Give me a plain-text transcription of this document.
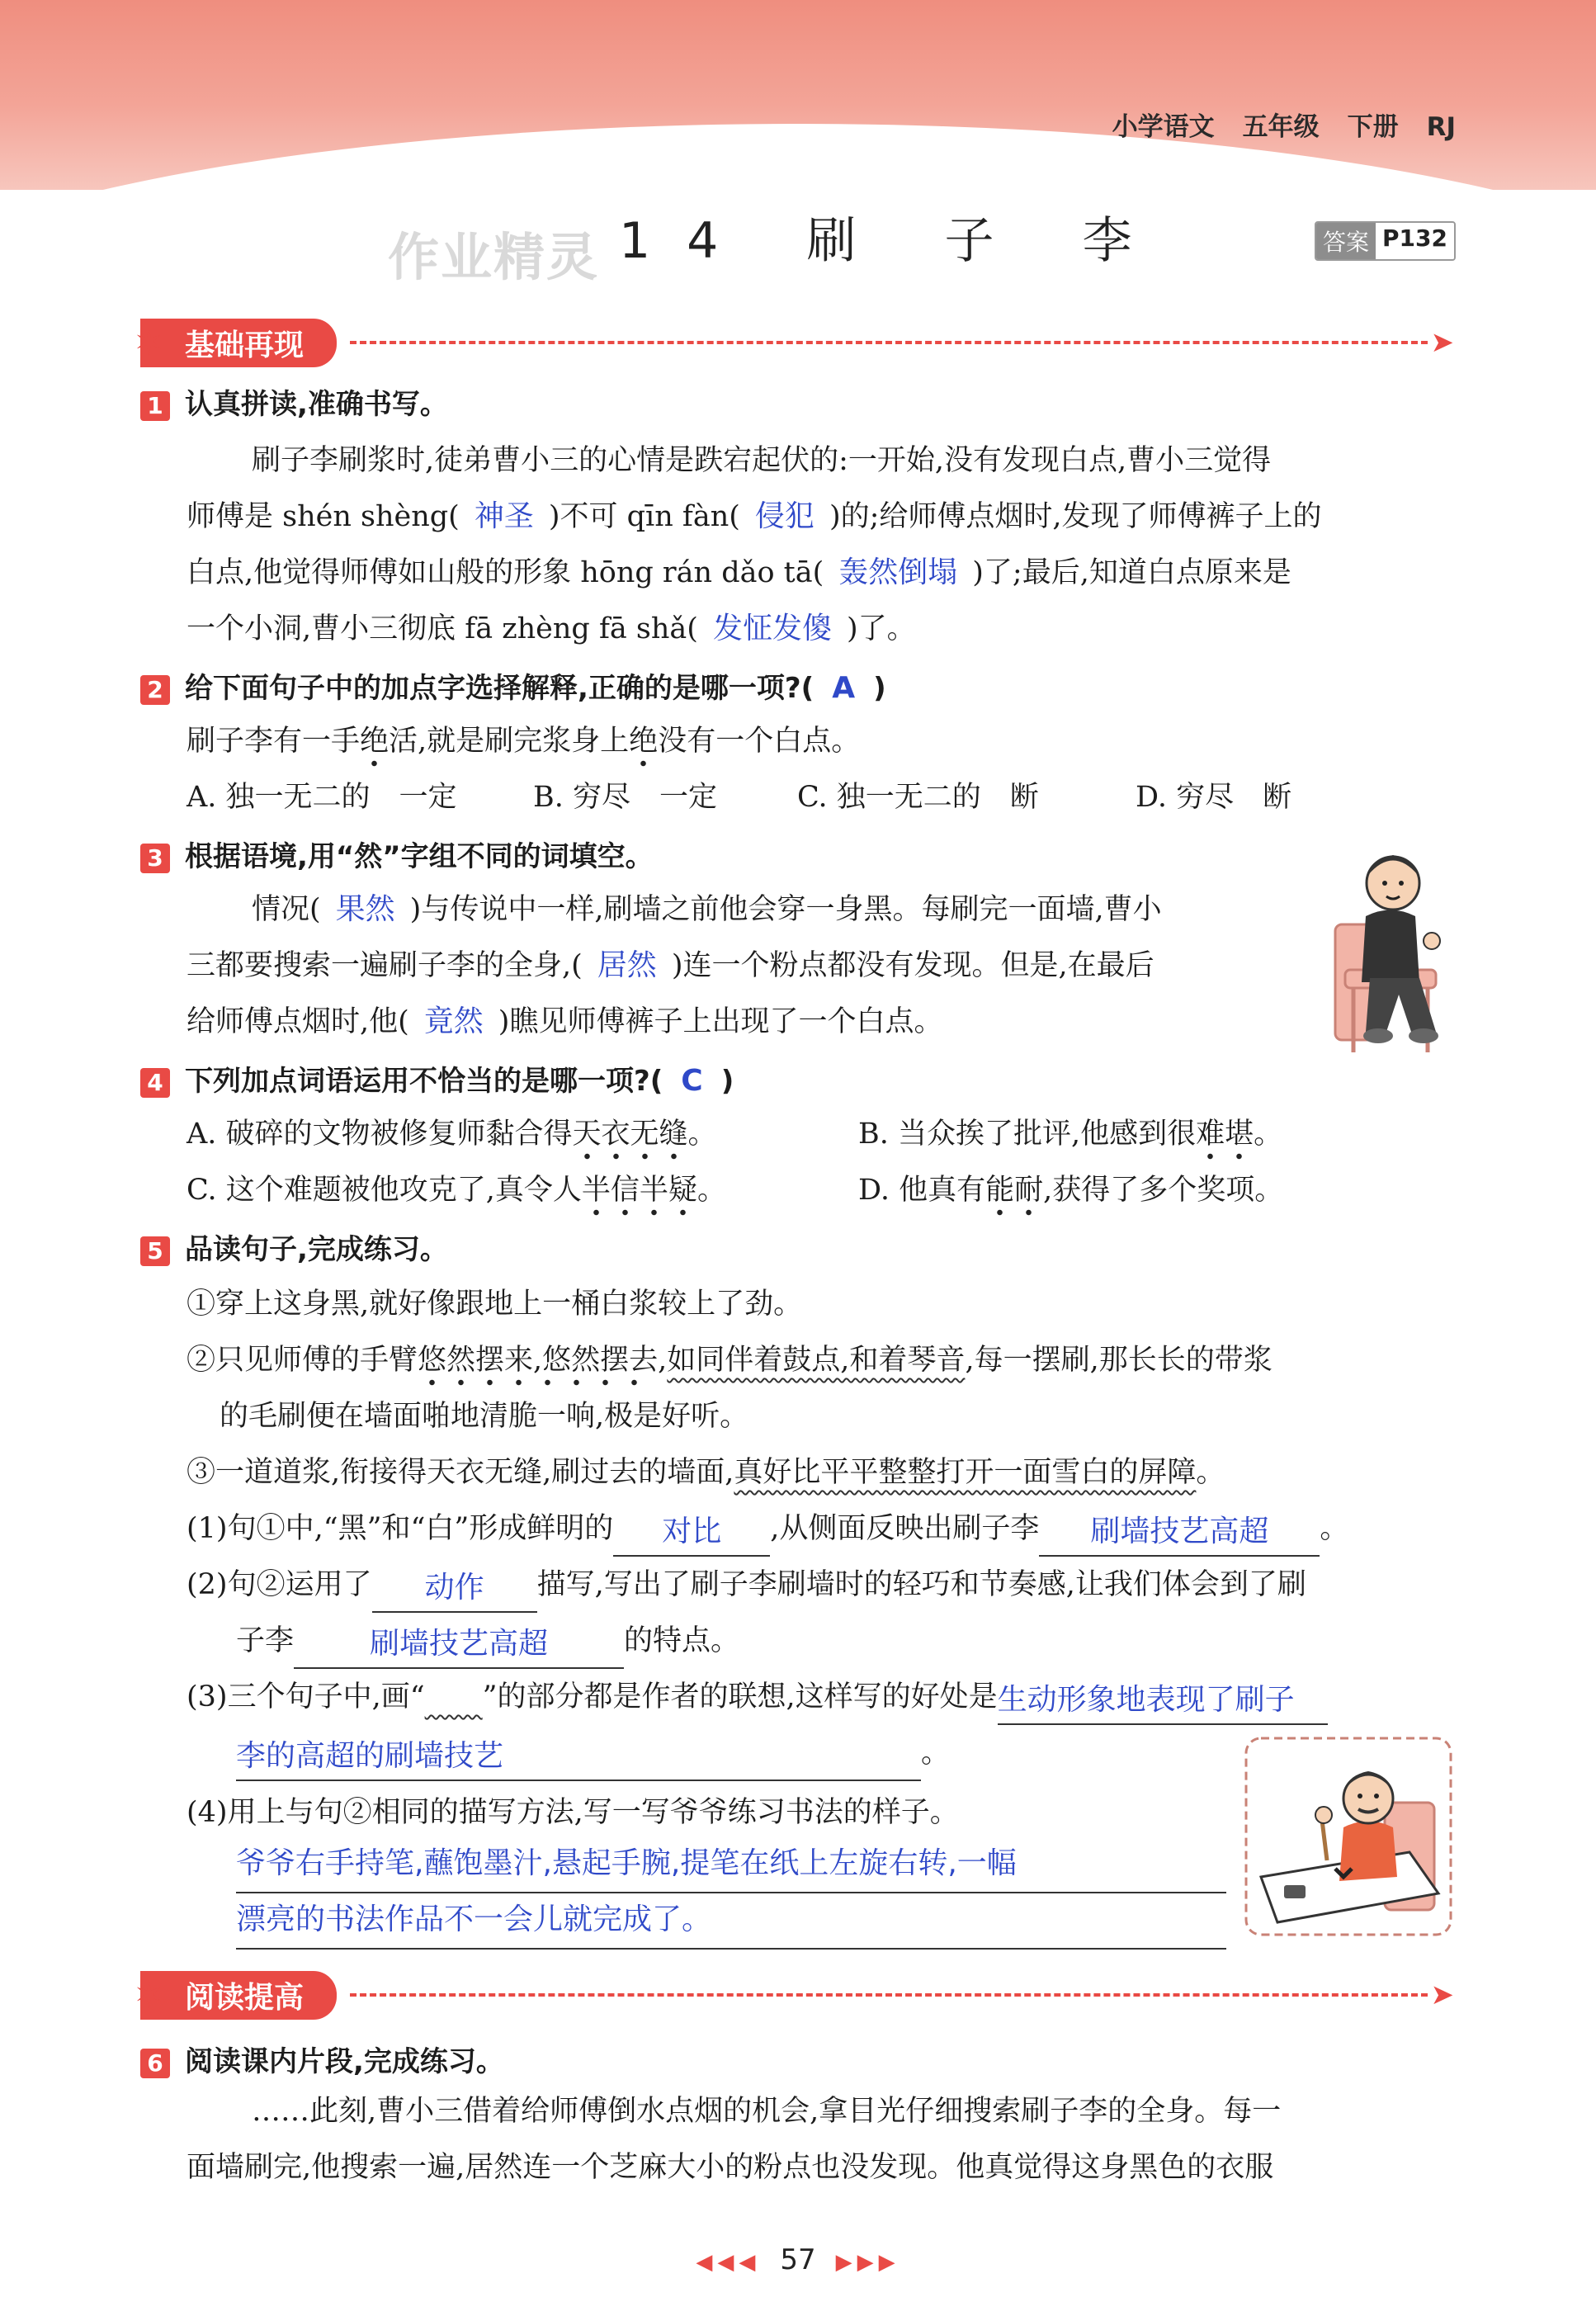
小学语文 五年级 下册 RJ
作业精灵 14 刷 子 李	答案 P132
✶ 基础再现	➤
1 认真拼读,准确书写。
刷子李刷浆时,徒弟曹小三的心情是跌宕起伏的:一开始,没有发现白点,曹小三觉得
师傅是 shén shèng( 神圣 )不可 qīn fàn( 侵犯 )的;给师傅点烟时,发现了师傅裤子上的
白点,他觉得师傅如山般的形象 hōng rán dǎo tā( 轰然倒塌 )了;最后,知道白点原来是
一个小洞,曹小三彻底 fā zhèng fā shǎ( 发怔发傻 )了。
2 给下面句子中的加点字选择解释,正确的是哪一项?( A )
刷子李有一手绝活,就是刷完浆身上绝没有一个白点。
A. 独一无二的　一定	B. 穷尽　一定	C. 独一无二的　断	D. 穷尽　断
3 根据语境,用“然”字组不同的词填空。
情况( 果然 )与传说中一样,刷墙之前他会穿一身黑。每刷完一面墙,曹小
三都要搜索一遍刷子李的全身,( 居然 )连一个粉点都没有发现。但是,在最后
给师傅点烟时,他( 竟然 )瞧见师傅裤子上出现了一个白点。
4 下列加点词语运用不恰当的是哪一项?( C )
A. 破碎的文物被修复师黏合得天衣无缝。	B. 当众挨了批评,他感到很难堪。
C. 这个难题被他攻克了,真令人半信半疑。	D. 他真有能耐,获得了多个奖项。
5 品读句子,完成练习。
①穿上这身黑,就好像跟地上一桶白浆较上了劲。
②只见师傅的手臂悠然摆来,悠然摆去,如同伴着鼓点,和着琴音,每一摆刷,那长长的带浆
的毛刷便在墙面啪地清脆一响,极是好听。
③一道道浆,衔接得天衣无缝,刷过去的墙面,真好比平平整整打开一面雪白的屏障。
(1)句①中,“黑”和“白”形成鲜明的 对比 ,从侧面反映出刷子李 刷墙技艺高超 。
(2)句②运用了 动作 描写,写出了刷子李刷墙时的轻巧和节奏感,让我们体会到了刷
子李	刷墙技艺高超	的特点。
(3)三个句子中,画“　　 ”的部分都是作者的联想,这样写的好处是生动形象地表现了刷子
李的高超的刷墙技艺	。
(4)用上与句②相同的描写方法,写一写爷爷练习书法的样子。
爷爷右手持笔,蘸饱墨汁,悬起手腕,提笔在纸上左旋右转,一幅
漂亮的书法作品不一会儿就完成了。
✶ 阅读提高	➤
6 阅读课内片段,完成练习。
……此刻,曹小三借着给师傅倒水点烟的机会,拿目光仔细搜索刷子李的全身。每一
面墙刷完,他搜索一遍,居然连一个芝麻大小的粉点也没发现。他真觉得这身黑色的衣服
◀◀◀ 57 ▶▶▶
